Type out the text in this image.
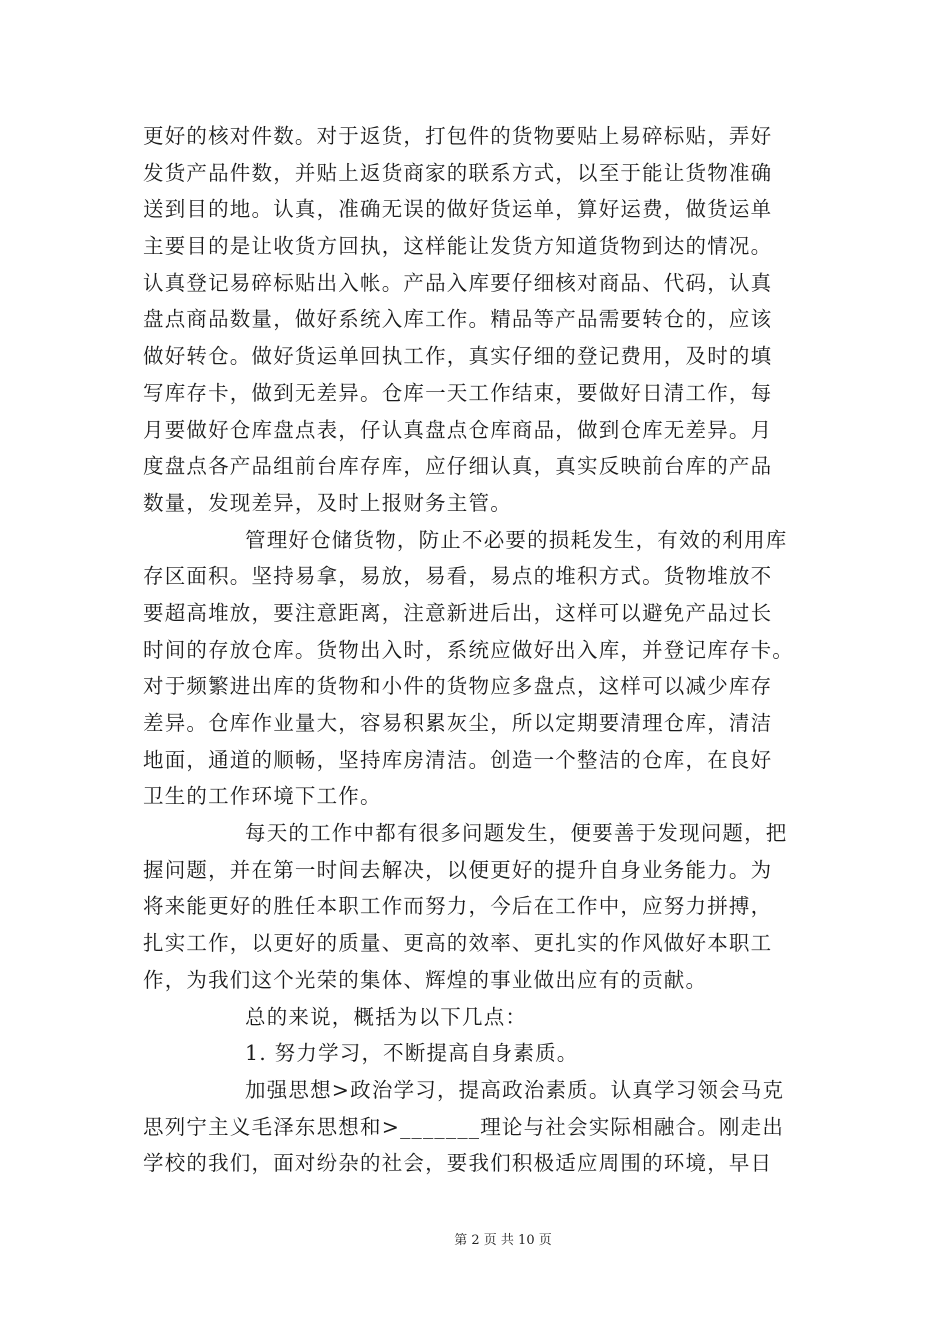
更好的核对件数。对于返货，打包件的货物要贴上易碎标贴，弄好
发货产品件数，并贴上返货商家的联系方式，以至于能让货物准确
送到目的地。认真，准确无误的做好货运单，算好运费，做货运单
主要目的是让收货方回执，这样能让发货方知道货物到达的情况。
认真登记易碎标贴出入帐。产品入库要仔细核对商品、代码，认真
盘点商品数量，做好系统入库工作。精品等产品需要转仓的，应该
做好转仓。做好货运单回执工作，真实仔细的登记费用，及时的填
写库存卡，做到无差异。仓库一天工作结束，要做好日清工作，每
月要做好仓库盘点表，仔认真盘点仓库商品，做到仓库无差异。月
度盘点各产品组前台库存库，应仔细认真，真实反映前台库的产品
数量，发现差异，及时上报财务主管。
管理好仓储货物，防止不必要的损耗发生，有效的利用库
存区面积。坚持易拿，易放，易看，易点的堆积方式。货物堆放不
要超高堆放，要注意距离，注意新进后出，这样可以避免产品过长
时间的存放仓库。货物出入时，系统应做好出入库，并登记库存卡。
对于频繁进出库的货物和小件的货物应多盘点，这样可以减少库存
差异。仓库作业量大，容易积累灰尘，所以定期要清理仓库，清洁
地面，通道的顺畅，坚持库房清洁。创造一个整洁的仓库，在良好
卫生的工作环境下工作。
每天的工作中都有很多问题发生，便要善于发现问题，把
握问题，并在第一时间去解决，以便更好的提升自身业务能力。为
将来能更好的胜任本职工作而努力，今后在工作中，应努力拼搏，
扎实工作，以更好的质量、更高的效率、更扎实的作风做好本职工
作，为我们这个光荣的集体、辉煌的事业做出应有的贡献。
总的来说，概括为以下几点：
1. 努力学习，不断提高自身素质。
加强思想>政治学习，提高政治素质。认真学习领会马克
思列宁主义毛泽东思想和>_______理论与社会实际相融合。刚走出
学校的我们，面对纷杂的社会，要我们积极适应周围的环境，早日
第 2 页 共 10 页
